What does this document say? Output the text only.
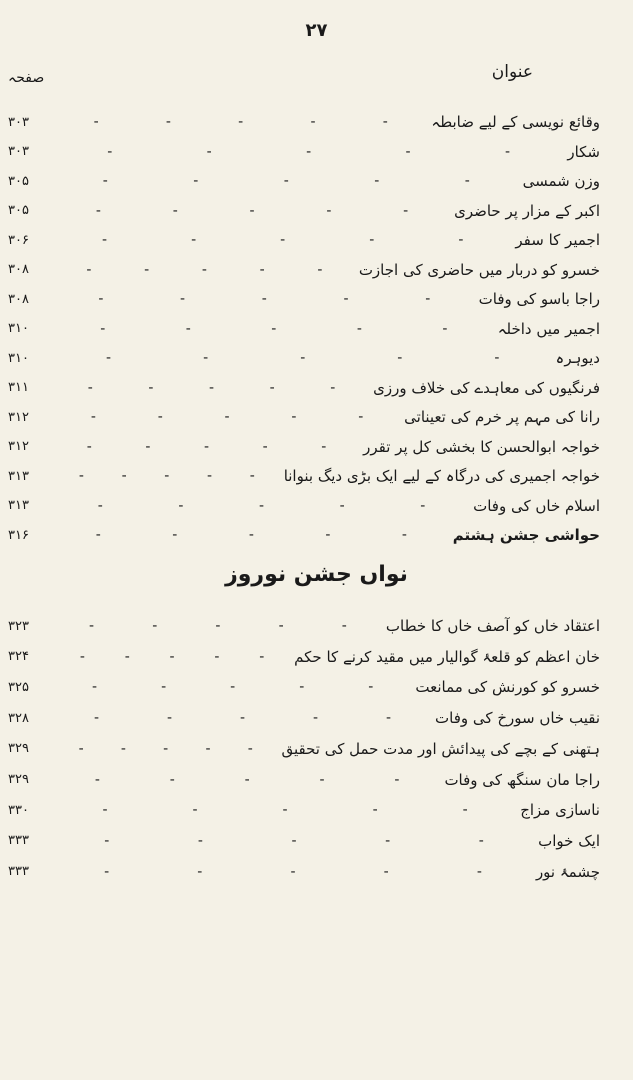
۲۷
عنوان
صفحہ
۳۰۳	-	-	-	-	-	وقائع نویسی کے لیے ضابطہ
۳۰۳	-	-	-	-	-	شکار
۳۰۵	-	-	-	-	-	وزن شمسی
۳۰۵	-	-	-	-	-	اکبر کے مزار پر حاضری
۳۰۶	-	-	-	-	-	اجمیر کا سفر
۳۰۸	-	-	-	-	- خسرو کو دربار میں حاضری کی اجازت
۳۰۸	-	-	-	-	-	راجا باسو کی وفات
۳۱۰	-	-	-	-	-	اجمیر میں داخلہ
۳۱۰	-	-	-	-	-	دیوہرہ
۳۱۱	-	-	-	-	-	فرنگیوں کی معاہدے کی خلاف ورزی
۳۱۲	-	-	-	-	-	رانا کی مہم پر خرم کی تعیناتی
۳۱۲	-	-	-	-	- خواجہ ابوالحسن کا بخشی کل پر تقرر
۳۱۳	-	-	-	-	- خواجہ اجمیری کی درگاہ کے لیے ایک بڑی دیگ بنوانا
۳۱۳	-	-	-	-	-	اسلام خاں کی وفات
۳۱۶	-	-	-	-	-	حواشی جشن ہشتم
۳۲۳	-	-	-	-	-	اعتقاد خاں کو آصف خاں کا خطاب
۳۲۴	-	-	-	-	- خان اعظم کو قلعۂ گوالیار میں مقید کرنے کا حکم
۳۲۵	-	-	-	-	-	خسرو کو کورنش کی ممانعت
۳۲۸	-	-	-	-	-	نقیب خاں سورخ کی وفات
۳۲۹	-	-	-	-	- ہتھنی کے بچے کی پیدائش اور مدت حمل کی تحقیق
۳۲۹	-	-	-	-	-	راجا مان سنگھ کی وفات
۳۳۰	-	-	-	-	-	ناسازی مزاج
۳۳۳	-	-	-	-	-	ایک خواب
۳۳۳	-	-	-	-	-	چشمۂ نور
نواں جشن نوروز
